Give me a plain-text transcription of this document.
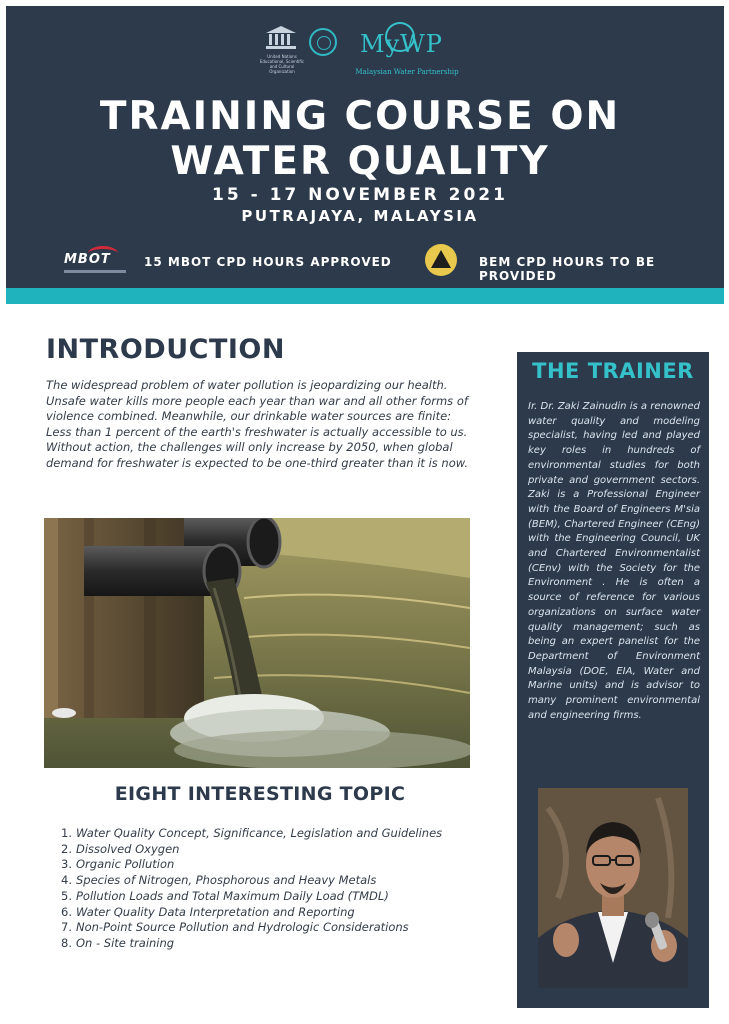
United Nations Educational, Scientific and Cultural Organization
MyWP
Malaysian Water Partnership
TRAINING COURSE ON WATER QUALITY
15 - 17 NOVEMBER 2021
PUTRAJAYA, MALAYSIA
MBOT	15 MBOT CPD HOURS APPROVED	BEM CPD HOURS TO BE PROVIDED
INTRODUCTION

The widespread problem of water pollution is jeopardizing our health. Unsafe water kills more people each year than war and all other forms of violence combined. Meanwhile, our drinkable water sources are finite: Less than 1 percent of the earth's freshwater is actually accessible to us. Without action, the challenges will only increase by 2050, when global demand for freshwater is expected to be one-third greater than it is now.

EIGHT INTERESTING TOPIC
1. Water Quality Concept, Significance, Legislation and Guidelines
2. Dissolved Oxygen
3. Organic Pollution
4. Species of Nitrogen, Phosphorous and Heavy Metals
5. Pollution Loads and Total Maximum Daily Load (TMDL)
6. Water Quality Data Interpretation and Reporting
7. Non-Point Source Pollution and Hydrologic Considerations
8. On - Site training
THE TRAINER

Ir. Dr. Zaki Zainudin is a renowned water quality and modeling specialist, having led and played key roles in hundreds of environmental studies for both private and government sectors. Zaki is a Professional Engineer with the Board of Engineers M'sia (BEM), Chartered Engineer (CEng) with the Engineering Council, UK and Chartered Environmentalist (CEnv) with the Society for the Environment . He is often a source of reference for various organizations on surface water quality management; such as being an expert panelist for the Department of Environment Malaysia (DOE, EIA, Water and Marine units) and is advisor to many prominent environmental and engineering firms.
